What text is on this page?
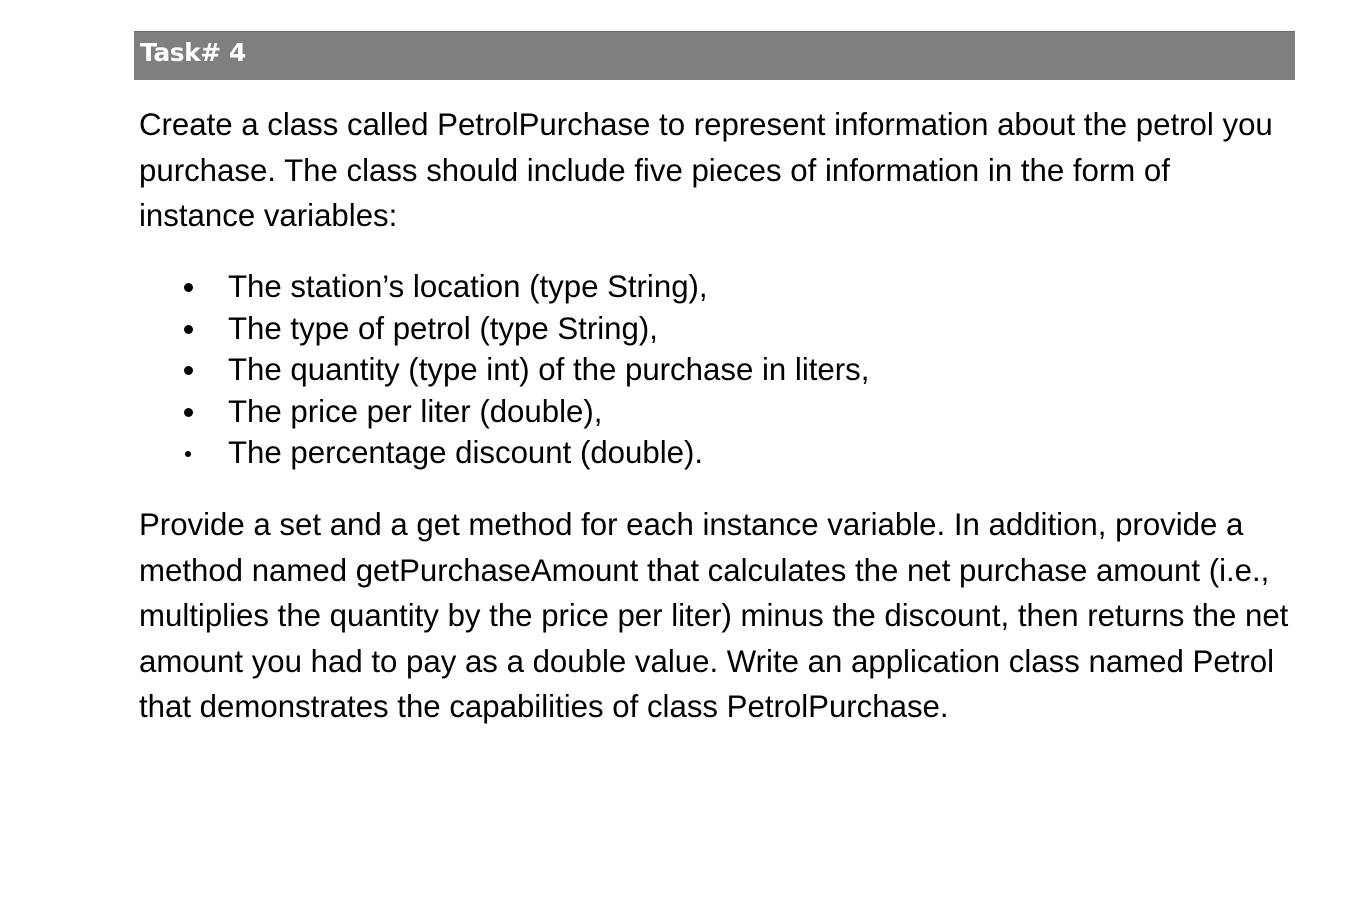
Task# 4

Create a class called PetrolPurchase to represent information about the petrol you purchase. The class should include five pieces of information in the form of instance variables:

The station’s location (type String),
The type of petrol (type String),
The quantity (type int) of the purchase in liters,
The price per liter (double),
The percentage discount (double).

Provide a set and a get method for each instance variable. In addition, provide a method named getPurchaseAmount that calculates the net purchase amount (i.e., multiplies the quantity by the price per liter) minus the discount, then returns the net amount you had to pay as a double value. Write an application class named Petrol that demonstrates the capabilities of class PetrolPurchase.
